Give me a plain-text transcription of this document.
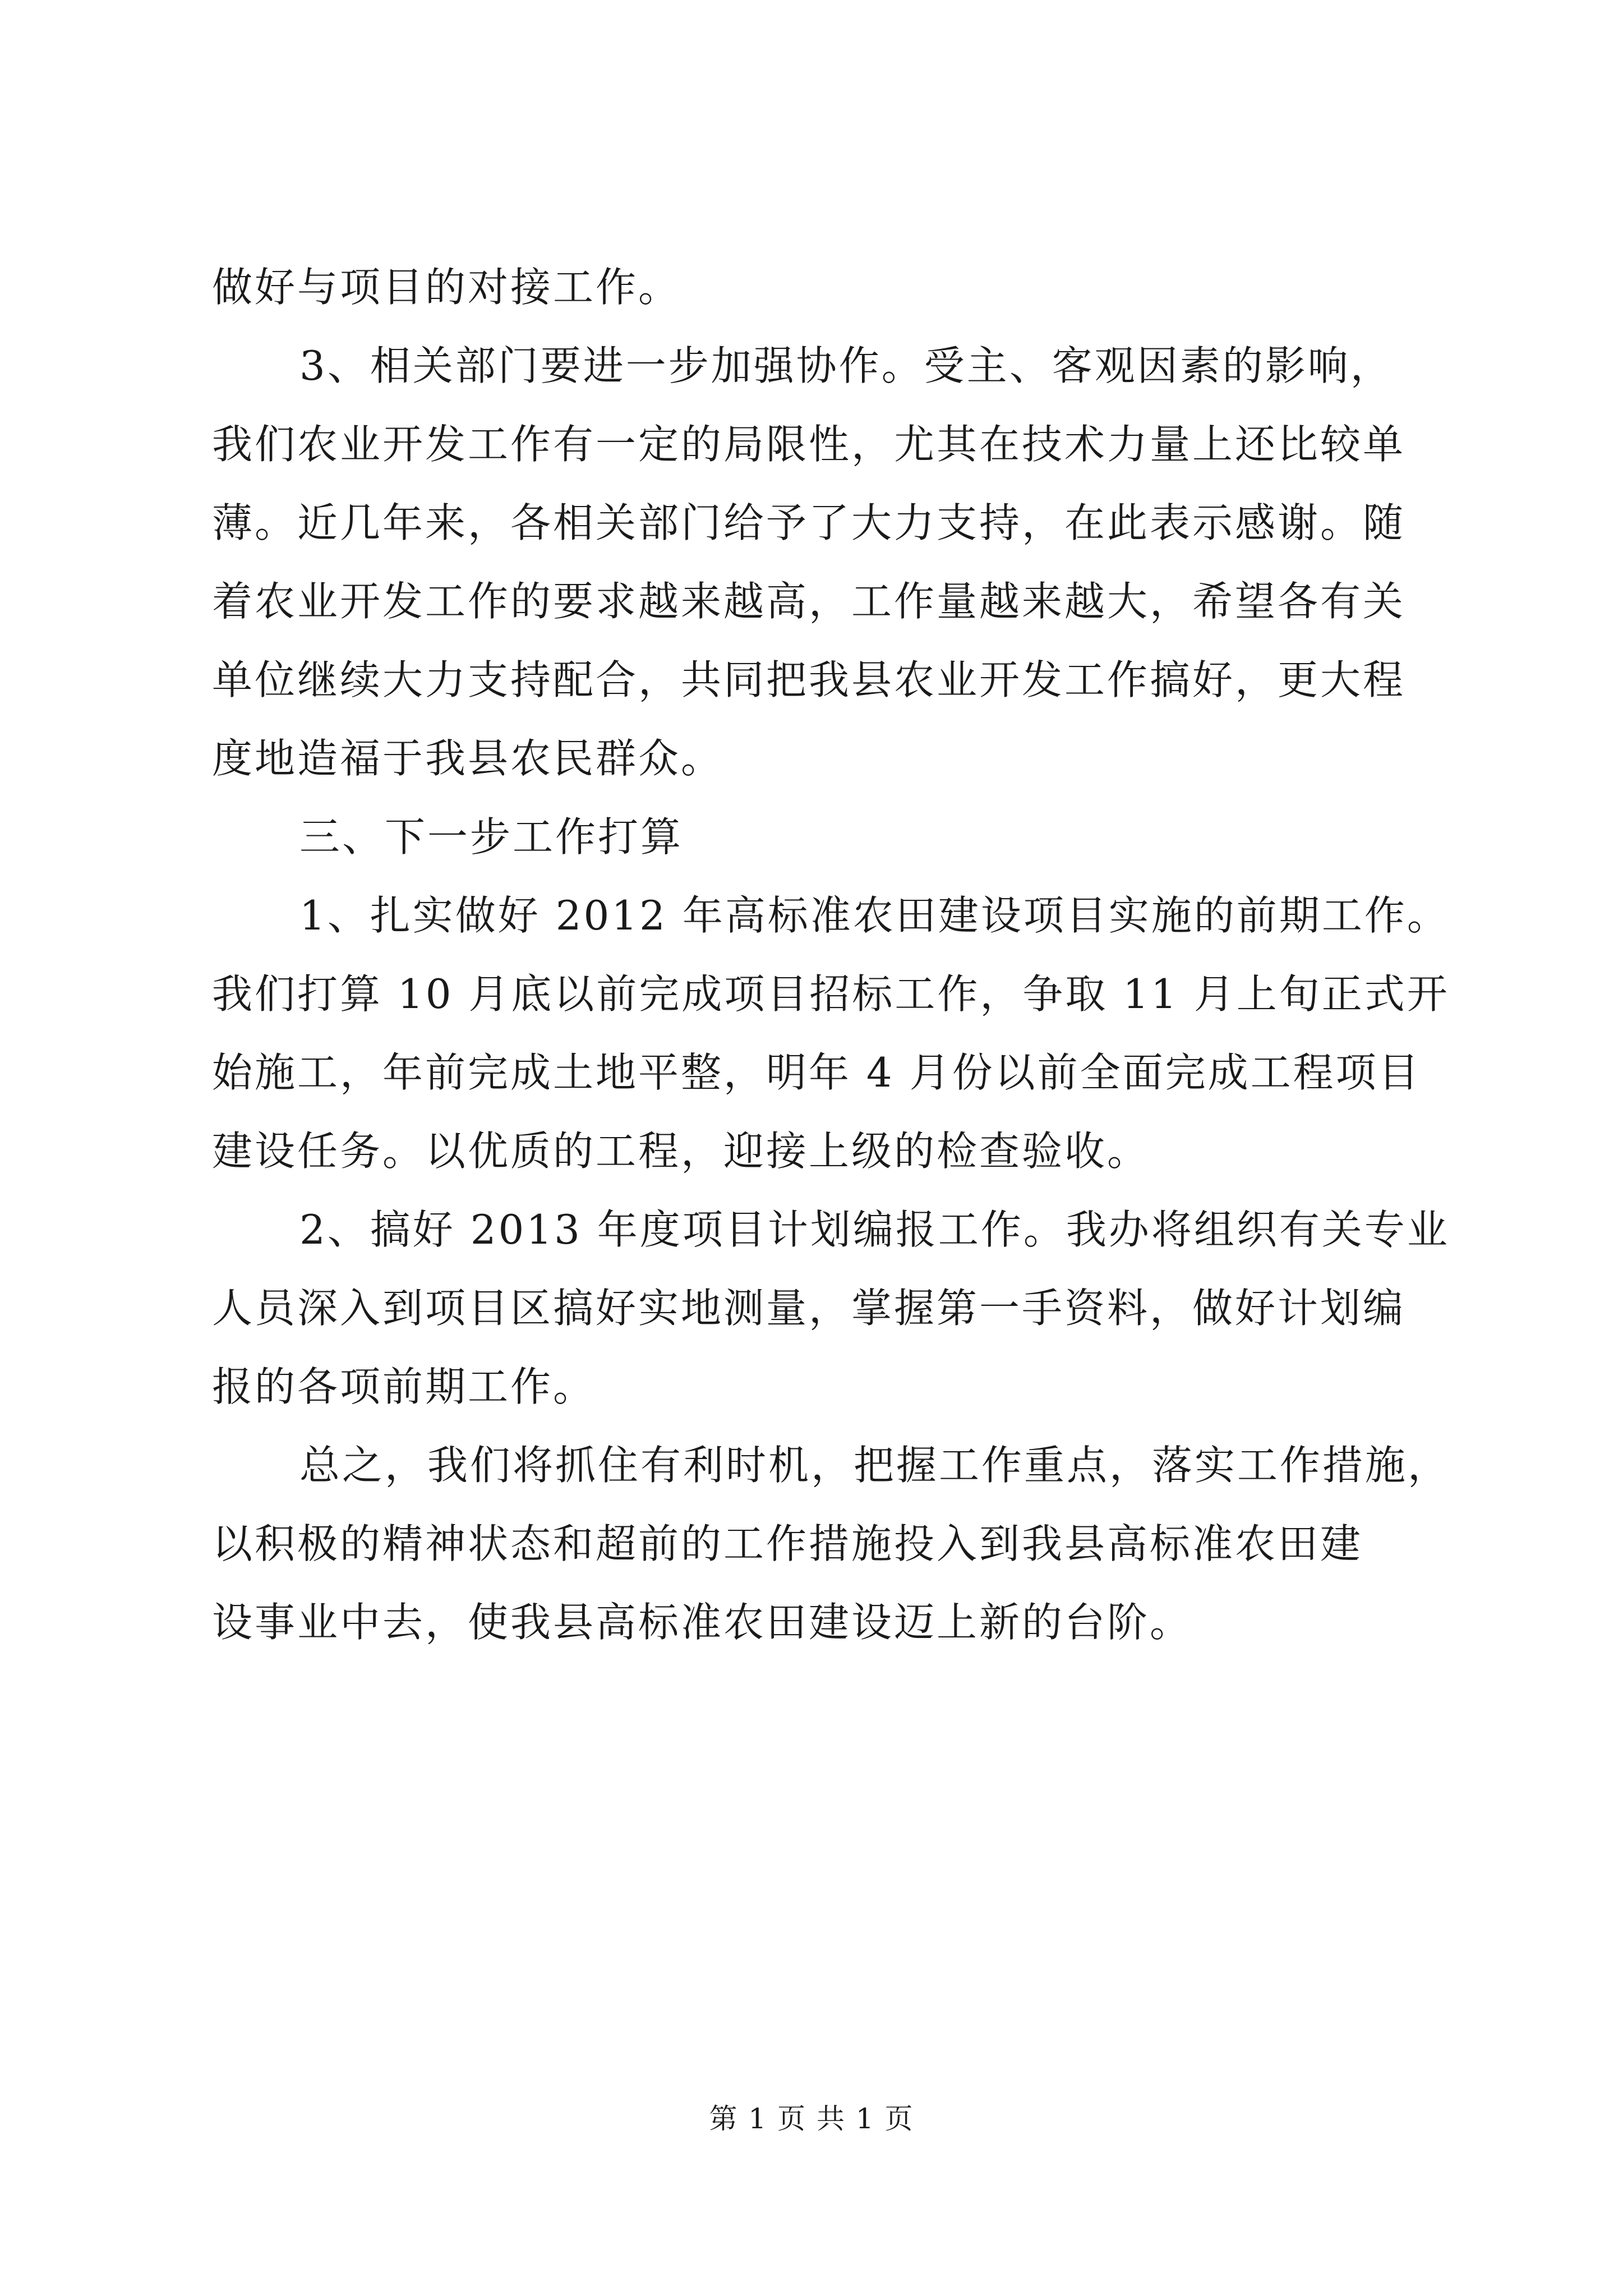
做好与项目的对接工作。
3、相关部门要进一步加强协作。受主、客观因素的影响，
我们农业开发工作有一定的局限性，尤其在技术力量上还比较单
薄。近几年来，各相关部门给予了大力支持，在此表示感谢。随
着农业开发工作的要求越来越高，工作量越来越大，希望各有关
单位继续大力支持配合，共同把我县农业开发工作搞好，更大程
度地造福于我县农民群众。
三、下一步工作打算
1、扎实做好 2012 年高标准农田建设项目实施的前期工作。
我们打算 10 月底以前完成项目招标工作，争取 11 月上旬正式开
始施工，年前完成土地平整，明年 4 月份以前全面完成工程项目
建设任务。以优质的工程，迎接上级的检查验收。
2、搞好 2013 年度项目计划编报工作。我办将组织有关专业
人员深入到项目区搞好实地测量，掌握第一手资料，做好计划编
报的各项前期工作。
总之，我们将抓住有利时机，把握工作重点，落实工作措施，
以积极的精神状态和超前的工作措施投入到我县高标准农田建
设事业中去，使我县高标准农田建设迈上新的台阶。
第 1 页 共 1 页
